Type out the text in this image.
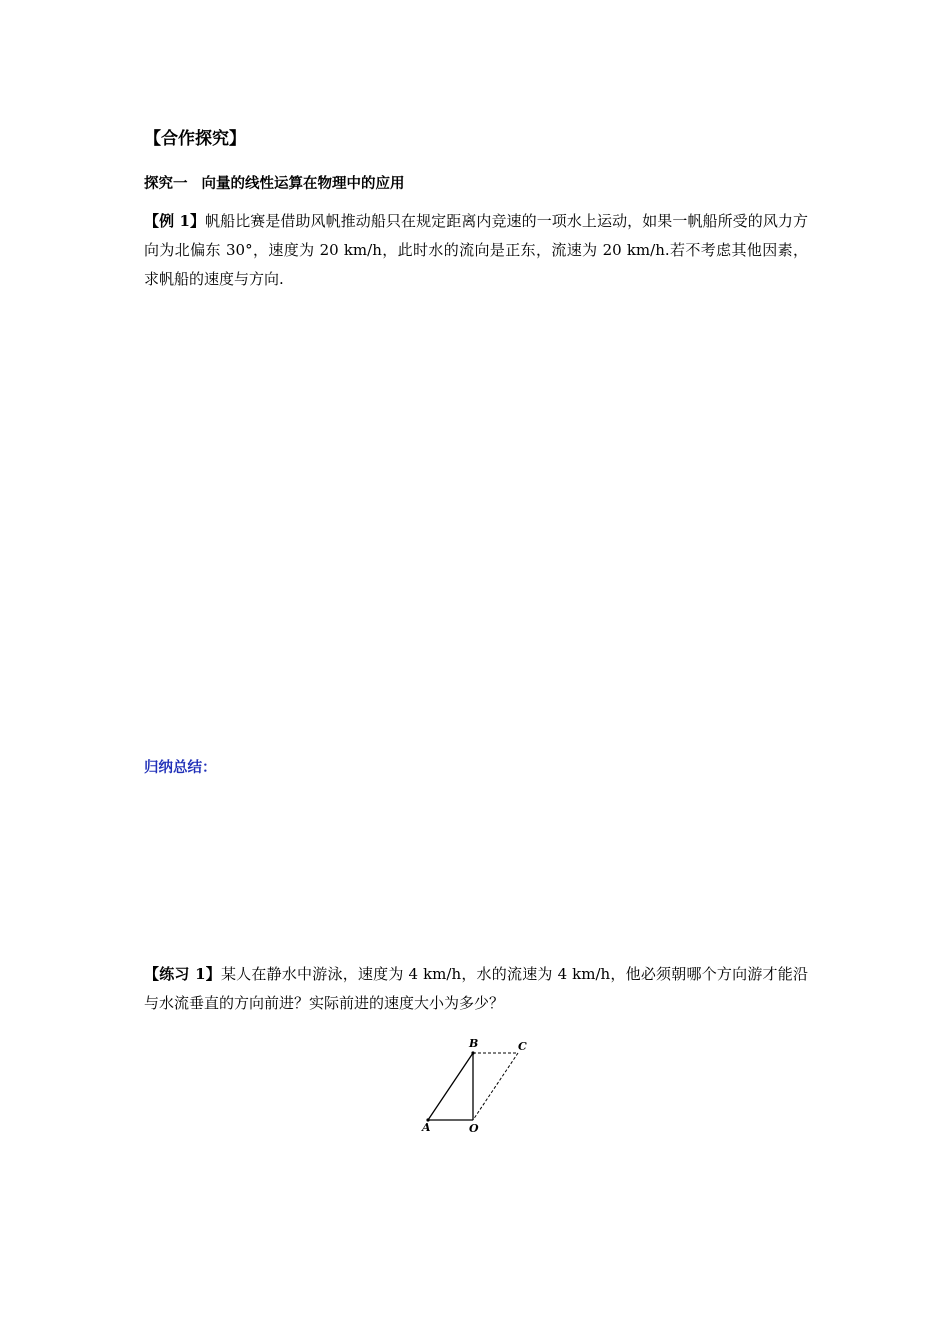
【合作探究】
探究一 向量的线性运算在物理中的应用
【例 1】帆船比赛是借助风帆推动船只在规定距离内竞速的一项水上运动，如果一帆船所受的风力方向为北偏东 30°，速度为 20 km/h，此时水的流向是正东，流速为 20 km/h.若不考虑其他因素，求帆船的速度与方向.
归纳总结：
【练习 1】某人在静水中游泳，速度为 4 km/h，水的流速为 4 km/h，他必须朝哪个方向游才能沿与水流垂直的方向前进？实际前进的速度大小为多少？
B	C
A	O
